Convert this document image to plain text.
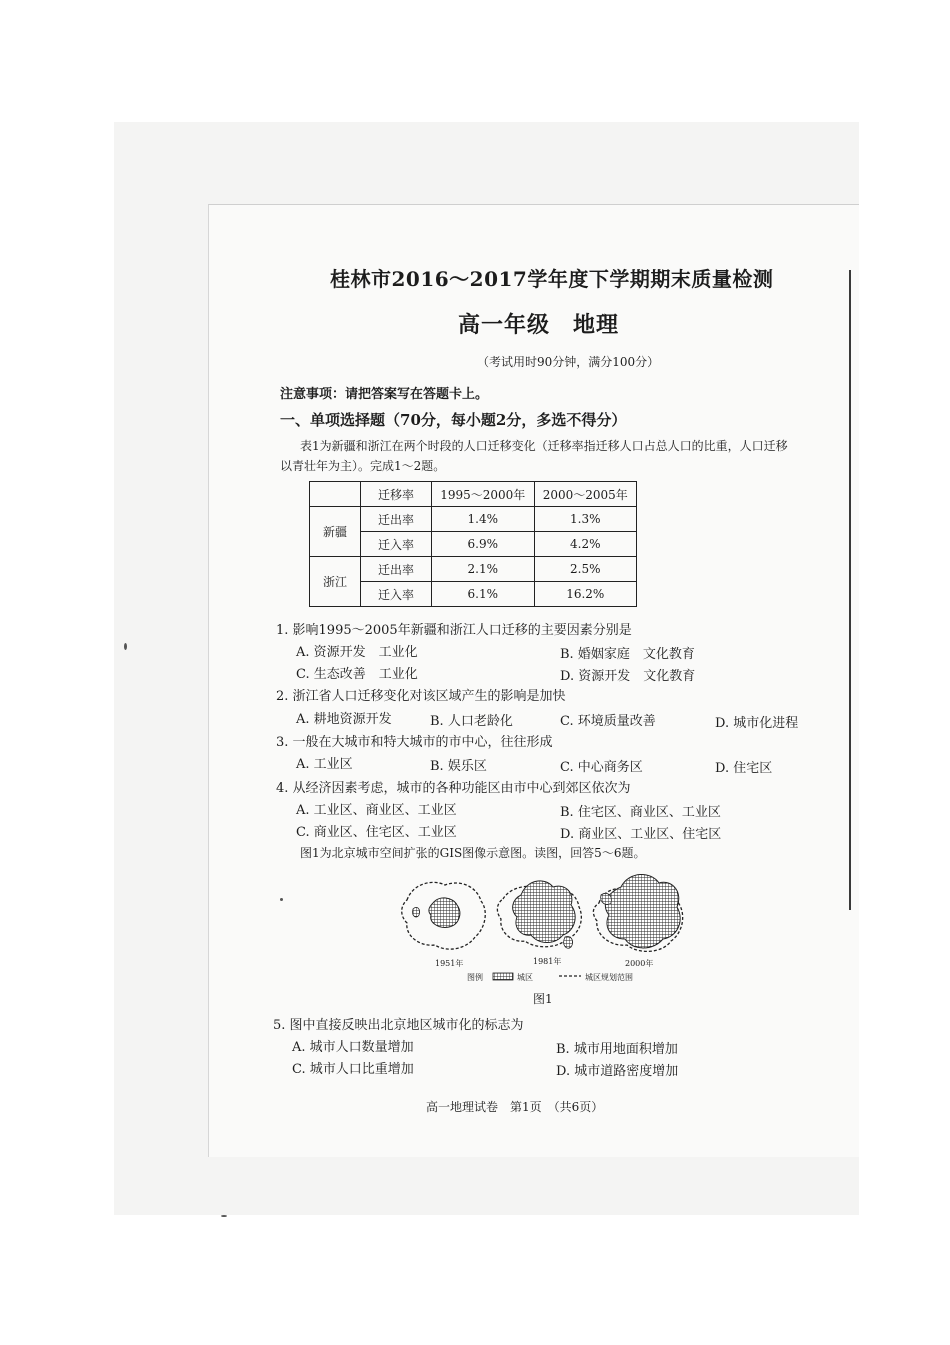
桂林市2016～2017学年度下学期期末质量检测
高一年级　地理
（考试用时90分钟，满分100分）
注意事项：请把答案写在答题卡上。
一、单项选择题（70分，每小题2分，多选不得分）
表1为新疆和浙江在两个时段的人口迁移变化（迁移率指迁移人口占总人口的比重，人口迁移
以青壮年为主）。完成1～2题。
	迁移率	1995～2000年	2000～2005年
新疆	迁出率	1.4%	1.3%
	迁入率	6.9%	4.2%
浙江	迁出率	2.1%	2.5%
	迁入率	6.1%	16.2%
1. 影响1995～2005年新疆和浙江人口迁移的主要因素分别是
A. 资源开发　工业化	B. 婚姻家庭　文化教育
C. 生态改善　工业化	D. 资源开发　文化教育
2. 浙江省人口迁移变化对该区域产生的影响是加快
A. 耕地资源开发	B. 人口老龄化	C. 环境质量改善	D. 城市化进程
3. 一般在大城市和特大城市的市中心，往往形成
A. 工业区	B. 娱乐区	C. 中心商务区	D. 住宅区
4. 从经济因素考虑，城市的各种功能区由市中心到郊区依次为
A. 工业区、商业区、工业区	B. 住宅区、商业区、工业区
C. 商业区、住宅区、工业区	D. 商业区、工业区、住宅区
图1为北京城市空间扩张的GIS图像示意图。读图，回答5～6题。
1951年	1981年	2000年
图例	城区	城区规划范围
图1
5. 图中直接反映出北京地区城市化的标志为
A. 城市人口数量增加	B. 城市用地面积增加
C. 城市人口比重增加	D. 城市道路密度增加
高一地理试卷　第1页　（共6页）
